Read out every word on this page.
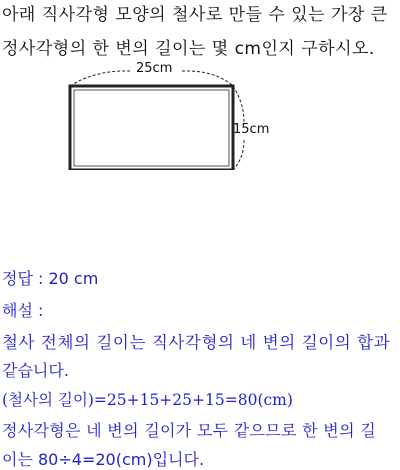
아래 직사각형 모양의 철사로 만들 수 있는 가장 큰
정사각형의 한 변의 길이는 몇 cm인지 구하시오.
25cm
15cm
정답 : 20 cm
해설 :
철사 전체의 길이는 직사각형의 네 변의 길이의 합과
같습니다.
(철사의 길이)=25+15+25+15=80(cm)
정사각형은 네 변의 길이가 모두 같으므로 한 변의 길
이는 80÷4=20(cm)입니다.
